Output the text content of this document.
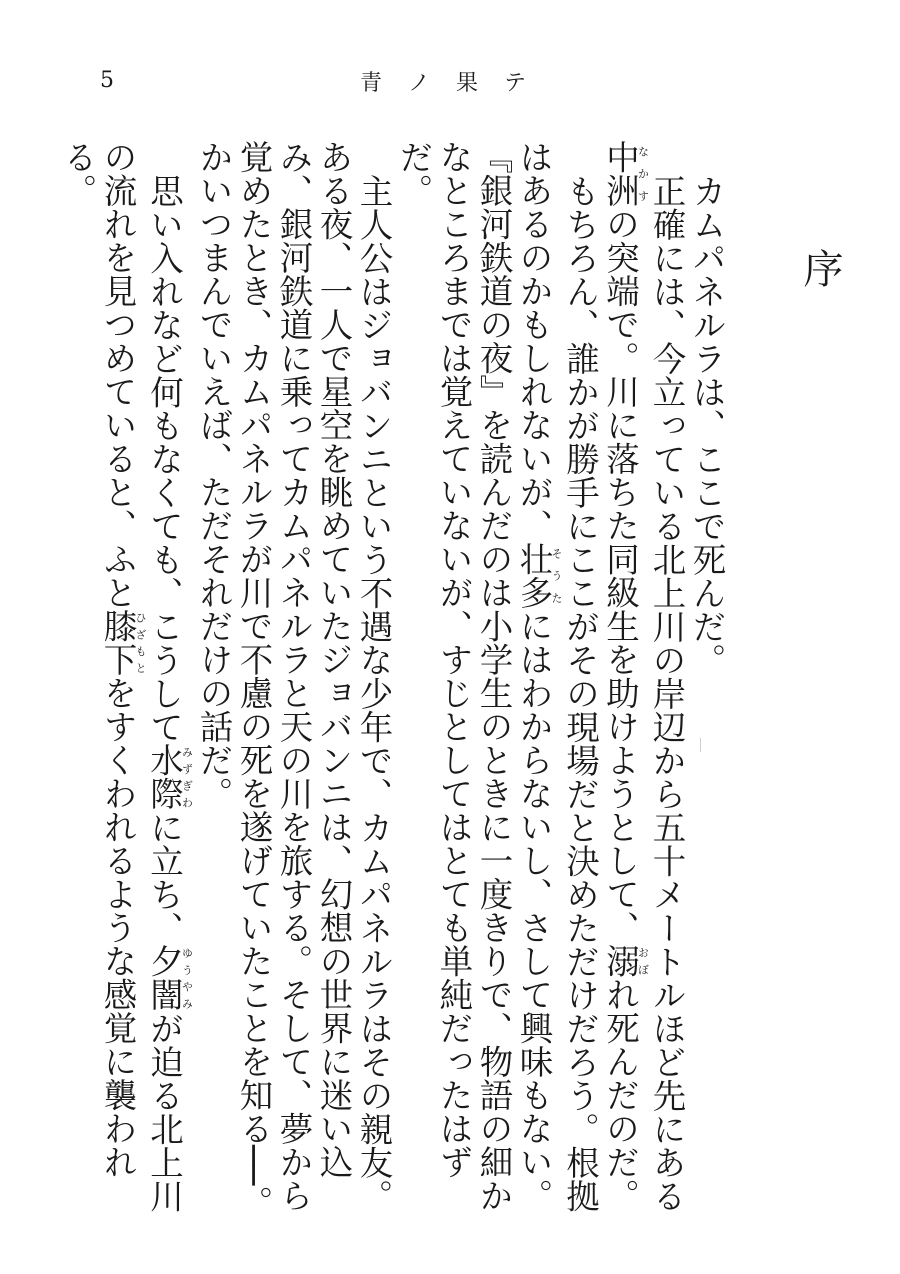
5	青ノ果テ
序

カムパネルラは、ここで死んだ。

正確には、今立っている北上川の岸辺から五十メートルほど先にある中洲なかすの突端で。川に落ちた同級生を助けようとして、溺おぼれ死んだのだ。

もちろん、誰かが勝手にここがその現場だと決めただけだろう。根拠はあるのかもしれないが、壮多そうたにはわからないし、さして興味もない。

『銀河鉄道の夜』を読んだのは小学生のときに一度きりで、物語の細かなところまでは覚えていないが、すじとしてはとても単純だったはずだ。

主人公はジョバンニという不遇な少年で、カムパネルラはその親友。ある夜、一人で星空を眺めていたジョバンニは、幻想の世界に迷い込み、銀河鉄道に乗ってカムパネルラと天の川を旅する。そして、夢から覚めたとき、カムパネルラが川で不慮の死を遂げていたことを知る──。かいつまんでいえば、ただそれだけの話だ。

思い入れなど何もなくても、こうして水際みずぎわに立ち、夕闇ゆうやみが迫る北上川の流れを見つめていると、ふと膝下ひざもとをすくわれるような感覚に襲われる。
